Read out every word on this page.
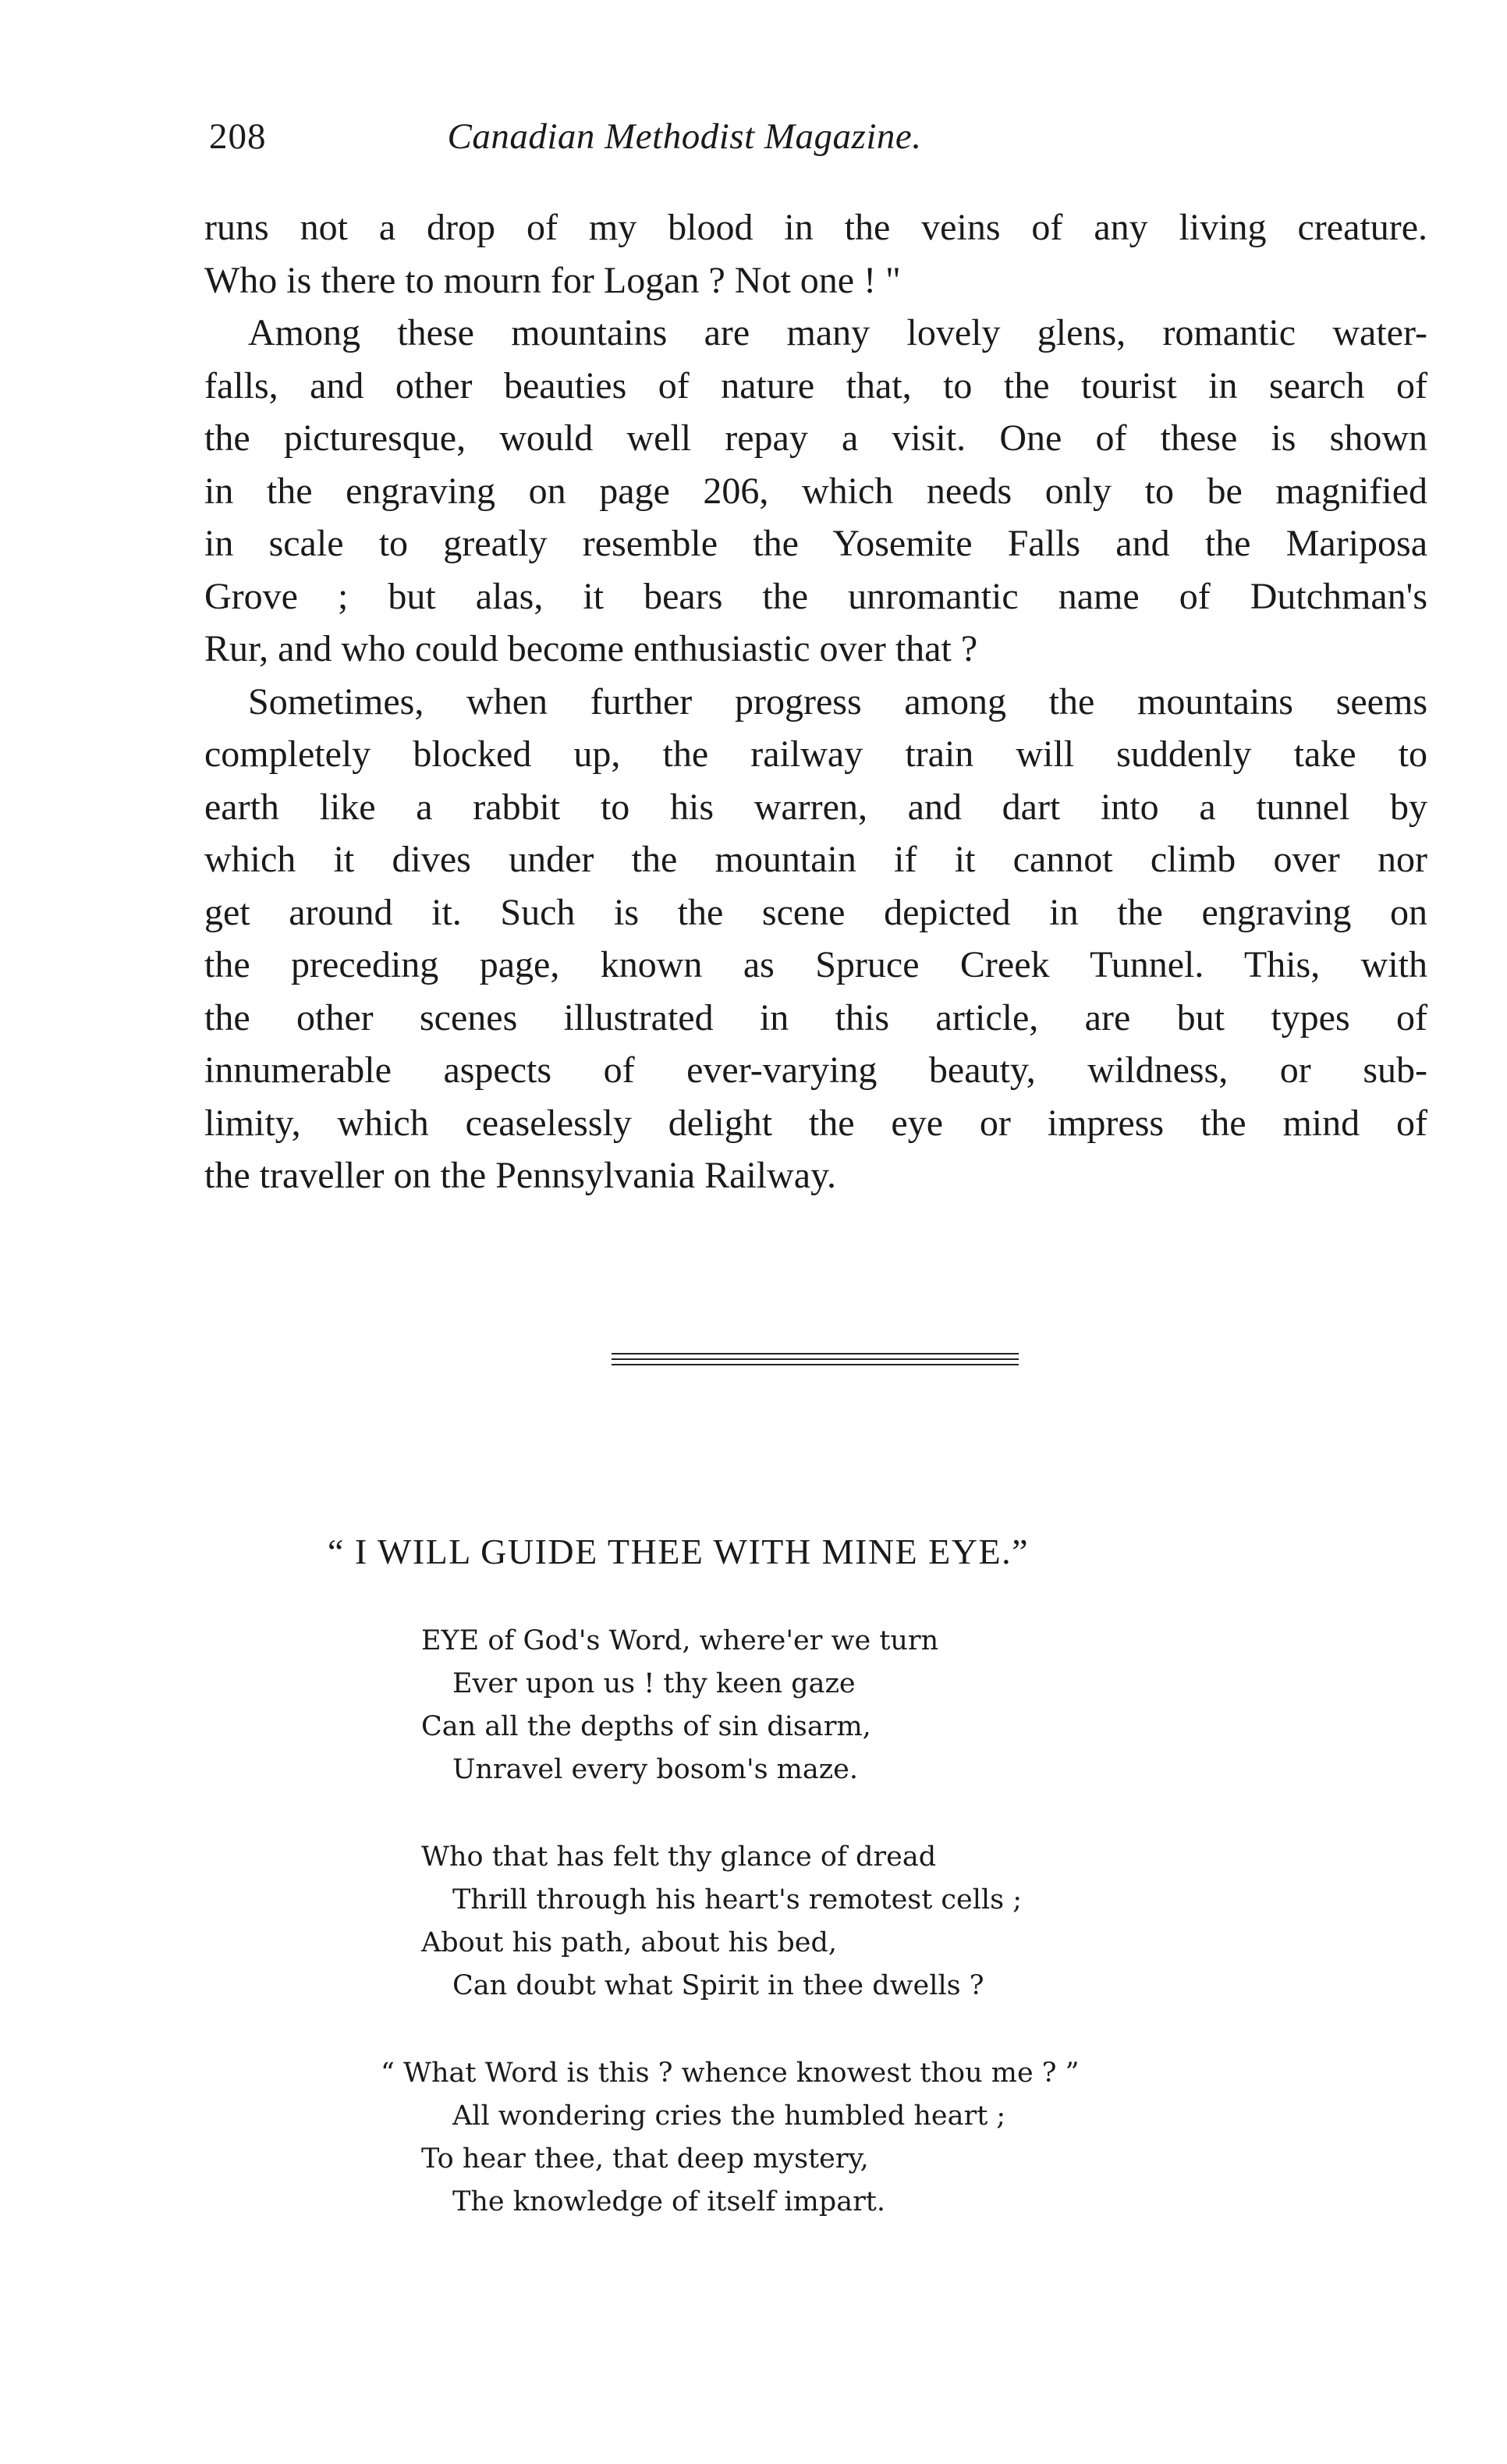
208	Canadian Methodist Magazine.
runs not a drop of my blood in the veins of any living creature.
Who is there to mourn for Logan ? Not one ! "
Among these mountains are many lovely glens, romantic water-
falls, and other beauties of nature that, to the tourist in search of
the picturesque, would well repay a visit. One of these is shown
in the engraving on page 206, which needs only to be magnified
in scale to greatly resemble the Yosemite Falls and the Mariposa
Grove ; but alas, it bears the unromantic name of Dutchman's
Rur, and who could become enthusiastic over that ?
Sometimes, when further progress among the mountains seems
completely blocked up, the railway train will suddenly take to
earth like a rabbit to his warren, and dart into a tunnel by
which it dives under the mountain if it cannot climb over nor
get around it. Such is the scene depicted in the engraving on
the preceding page, known as Spruce Creek Tunnel. This, with
the other scenes illustrated in this article, are but types of
innumerable aspects of ever-varying beauty, wildness, or sub-
limity, which ceaselessly delight the eye or impress the mind of
the traveller on the Pennsylvania Railway.
“ I WILL GUIDE THEE WITH MINE EYE.”
EYE of God's Word, where'er we turn
Ever upon us ! thy keen gaze
Can all the depths of sin disarm,
Unravel every bosom's maze.
Who that has felt thy glance of dread
Thrill through his heart's remotest cells ;
About his path, about his bed,
Can doubt what Spirit in thee dwells ?
“ What Word is this ? whence knowest thou me ? ”
All wondering cries the humbled heart ;
To hear thee, that deep mystery,
The knowledge of itself impart.
